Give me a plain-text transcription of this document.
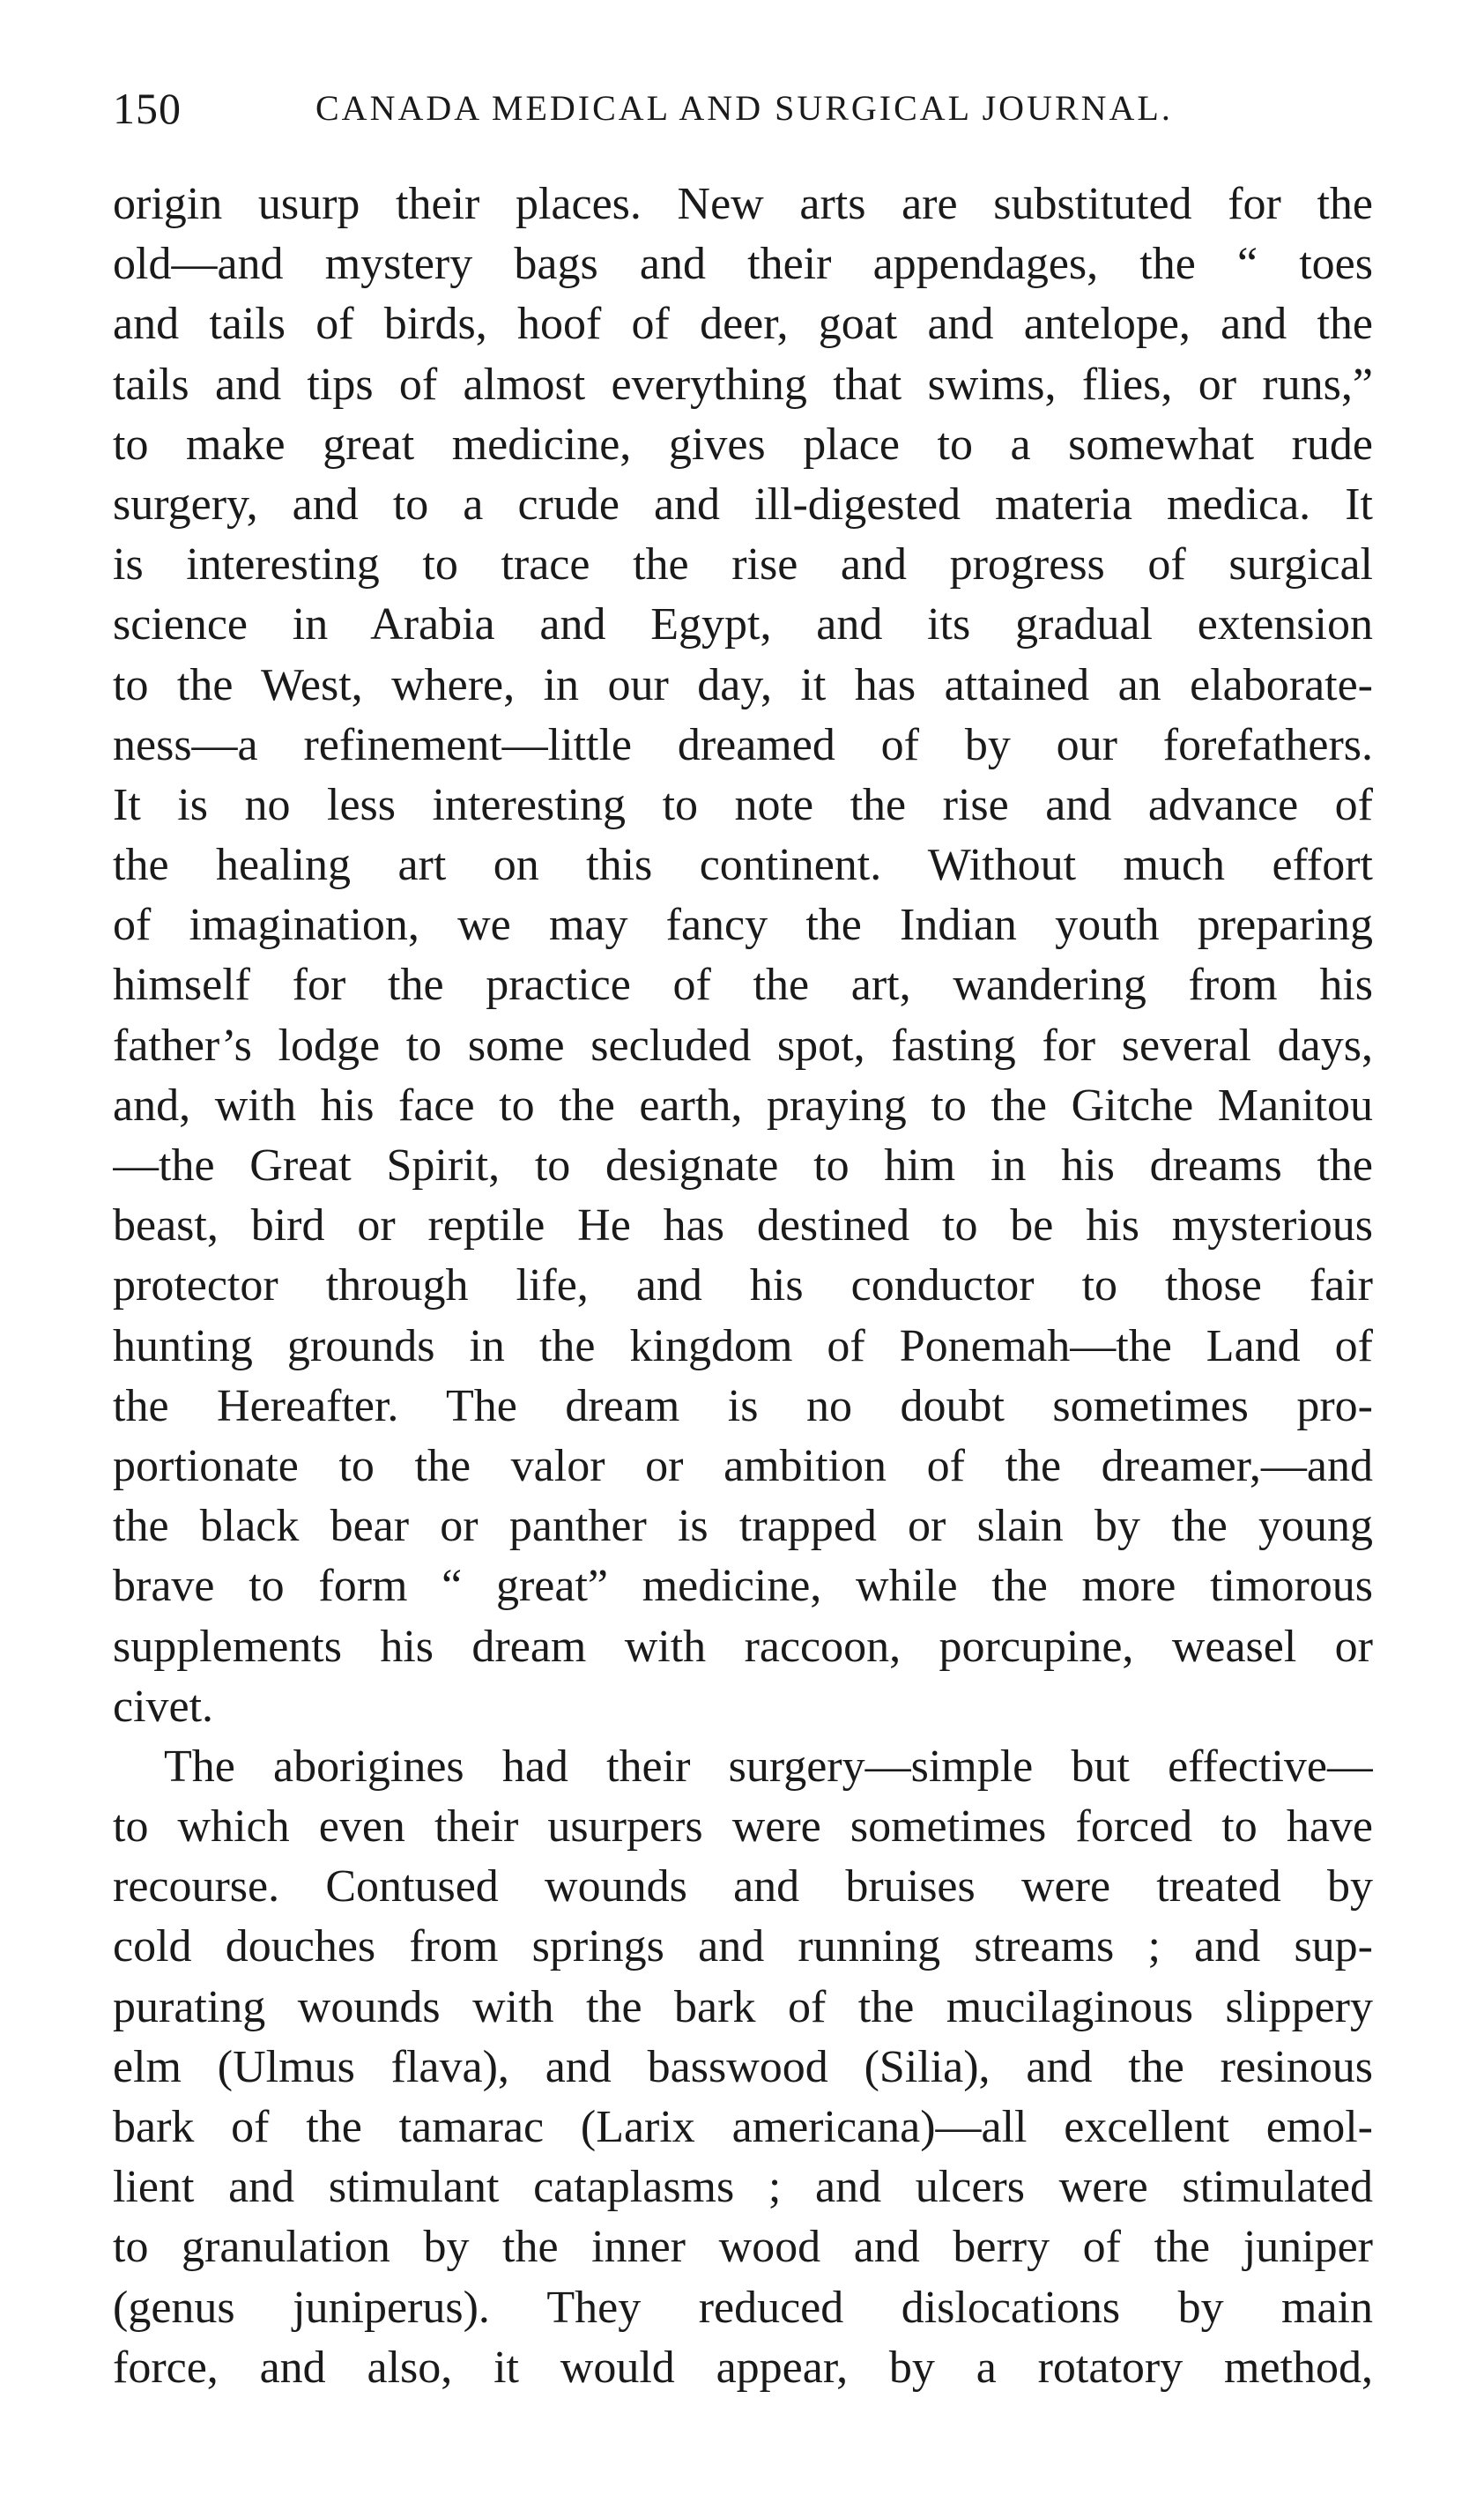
150	CANADA MEDICAL AND SURGICAL JOURNAL.
origin usurp their places. New arts are substituted for the
old—and mystery bags and their appendages, the “ toes
and tails of birds, hoof of deer, goat and antelope, and the
tails and tips of almost everything that swims, flies, or runs,”
to make great medicine, gives place to a somewhat rude
surgery, and to a crude and ill-digested materia medica. It
is interesting to trace the rise and progress of surgical
science in Arabia and Egypt, and its gradual extension
to the West, where, in our day, it has attained an elaborate-
ness—a refinement—little dreamed of by our forefathers.
It is no less interesting to note the rise and advance of
the healing art on this continent. Without much effort
of imagination, we may fancy the Indian youth preparing
himself for the practice of the art, wandering from his
father’s lodge to some secluded spot, fasting for several days,
and, with his face to the earth, praying to the Gitche Manitou
—the Great Spirit, to designate to him in his dreams the
beast, bird or reptile He has destined to be his mysterious
protector through life, and his conductor to those fair
hunting grounds in the kingdom of Ponemah—the Land of
the Hereafter. The dream is no doubt sometimes pro-
portionate to the valor or ambition of the dreamer,—and
the black bear or panther is trapped or slain by the young
brave to form “ great” medicine, while the more timorous
supplements his dream with raccoon, porcupine, weasel or
civet.
The aborigines had their surgery—simple but effective—
to which even their usurpers were sometimes forced to have
recourse. Contused wounds and bruises were treated by
cold douches from springs and running streams ; and sup-
purating wounds with the bark of the mucilaginous slippery
elm (Ulmus flava), and basswood (Silia), and the resinous
bark of the tamarac (Larix americana)—all excellent emol-
lient and stimulant cataplasms ; and ulcers were stimulated
to granulation by the inner wood and berry of the juniper
(genus juniperus). They reduced dislocations by main
force, and also, it would appear, by a rotatory method,
